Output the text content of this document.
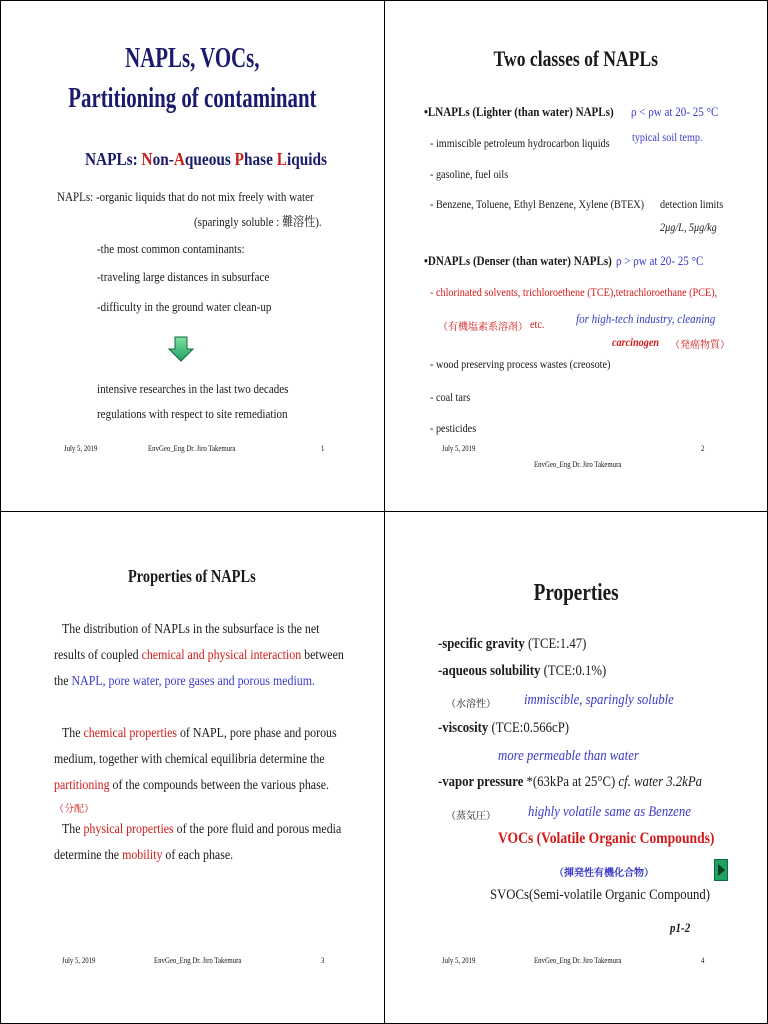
NAPLs, VOCs,
Partitioning of contaminant
NAPLs: Non-Aqueous Phase Liquids
NAPLs: -organic liquids that do not mix freely with water
(sparingly soluble : 難溶性).
-the most common contaminants:
-traveling large distances in subsurface
-difficulty in the ground water clean-up
intensive researches in the last two decades
regulations with respect to site remediation
July 5, 2019	EnvGeo_Eng Dr. Jiro Takemura	1
Two classes of NAPLs
•LNAPLs (Lighter (than water) NAPLs) ρ < ρw at 20- 25 °C
- immiscible petroleum hydrocarbon liquids typical soil temp.
- gasoline, fuel oils
- Benzene, Toluene, Ethyl Benzene, Xylene (BTEX) detection limits
2μg/L, 5μg/kg
•DNAPLs (Denser (than water) NAPLs) ρ > ρw at 20- 25 °C
- chlorinated solvents, trichloroethene (TCE),tetrachloroethane (PCE),
（有機塩素系溶剤） etc. for high-tech industry, cleaning
carcinogen （発癌物質）
- wood preserving process wastes (creosote)
- coal tars
- pesticides
July 5, 2019
EnvGeo_Eng Dr. Jiro Takemura
2
Properties of NAPLs
The distribution of NAPLs in the subsurface is the net
results of coupled chemical and physical interaction between
the NAPL, pore water, pore gases and porous medium.
The chemical properties of NAPL, pore phase and porous
medium, together with chemical equilibria determine the
partitioning of the compounds between the various phase.
（分配）
The physical properties of the pore fluid and porous media
determine the mobility of each phase.
July 5, 2019	EnvGeo_Eng Dr. Jiro Takemura	3
Properties
-specific gravity (TCE:1.47)
-aqueous solubility (TCE:0.1%)
（水溶性） immiscible, sparingly soluble
-viscosity (TCE:0.566cP)
more permeable than water
-vapor pressure *(63kPa at 25°C) cf. water 3.2kPa
（蒸気圧） highly volatile same as Benzene
VOCs (Volatile Organic Compounds)
（揮発性有機化合物）
SVOCs(Semi-volatile Organic Compound)
p1-2
July 5, 2019	EnvGeo_Eng Dr. Jiro Takemura	4
